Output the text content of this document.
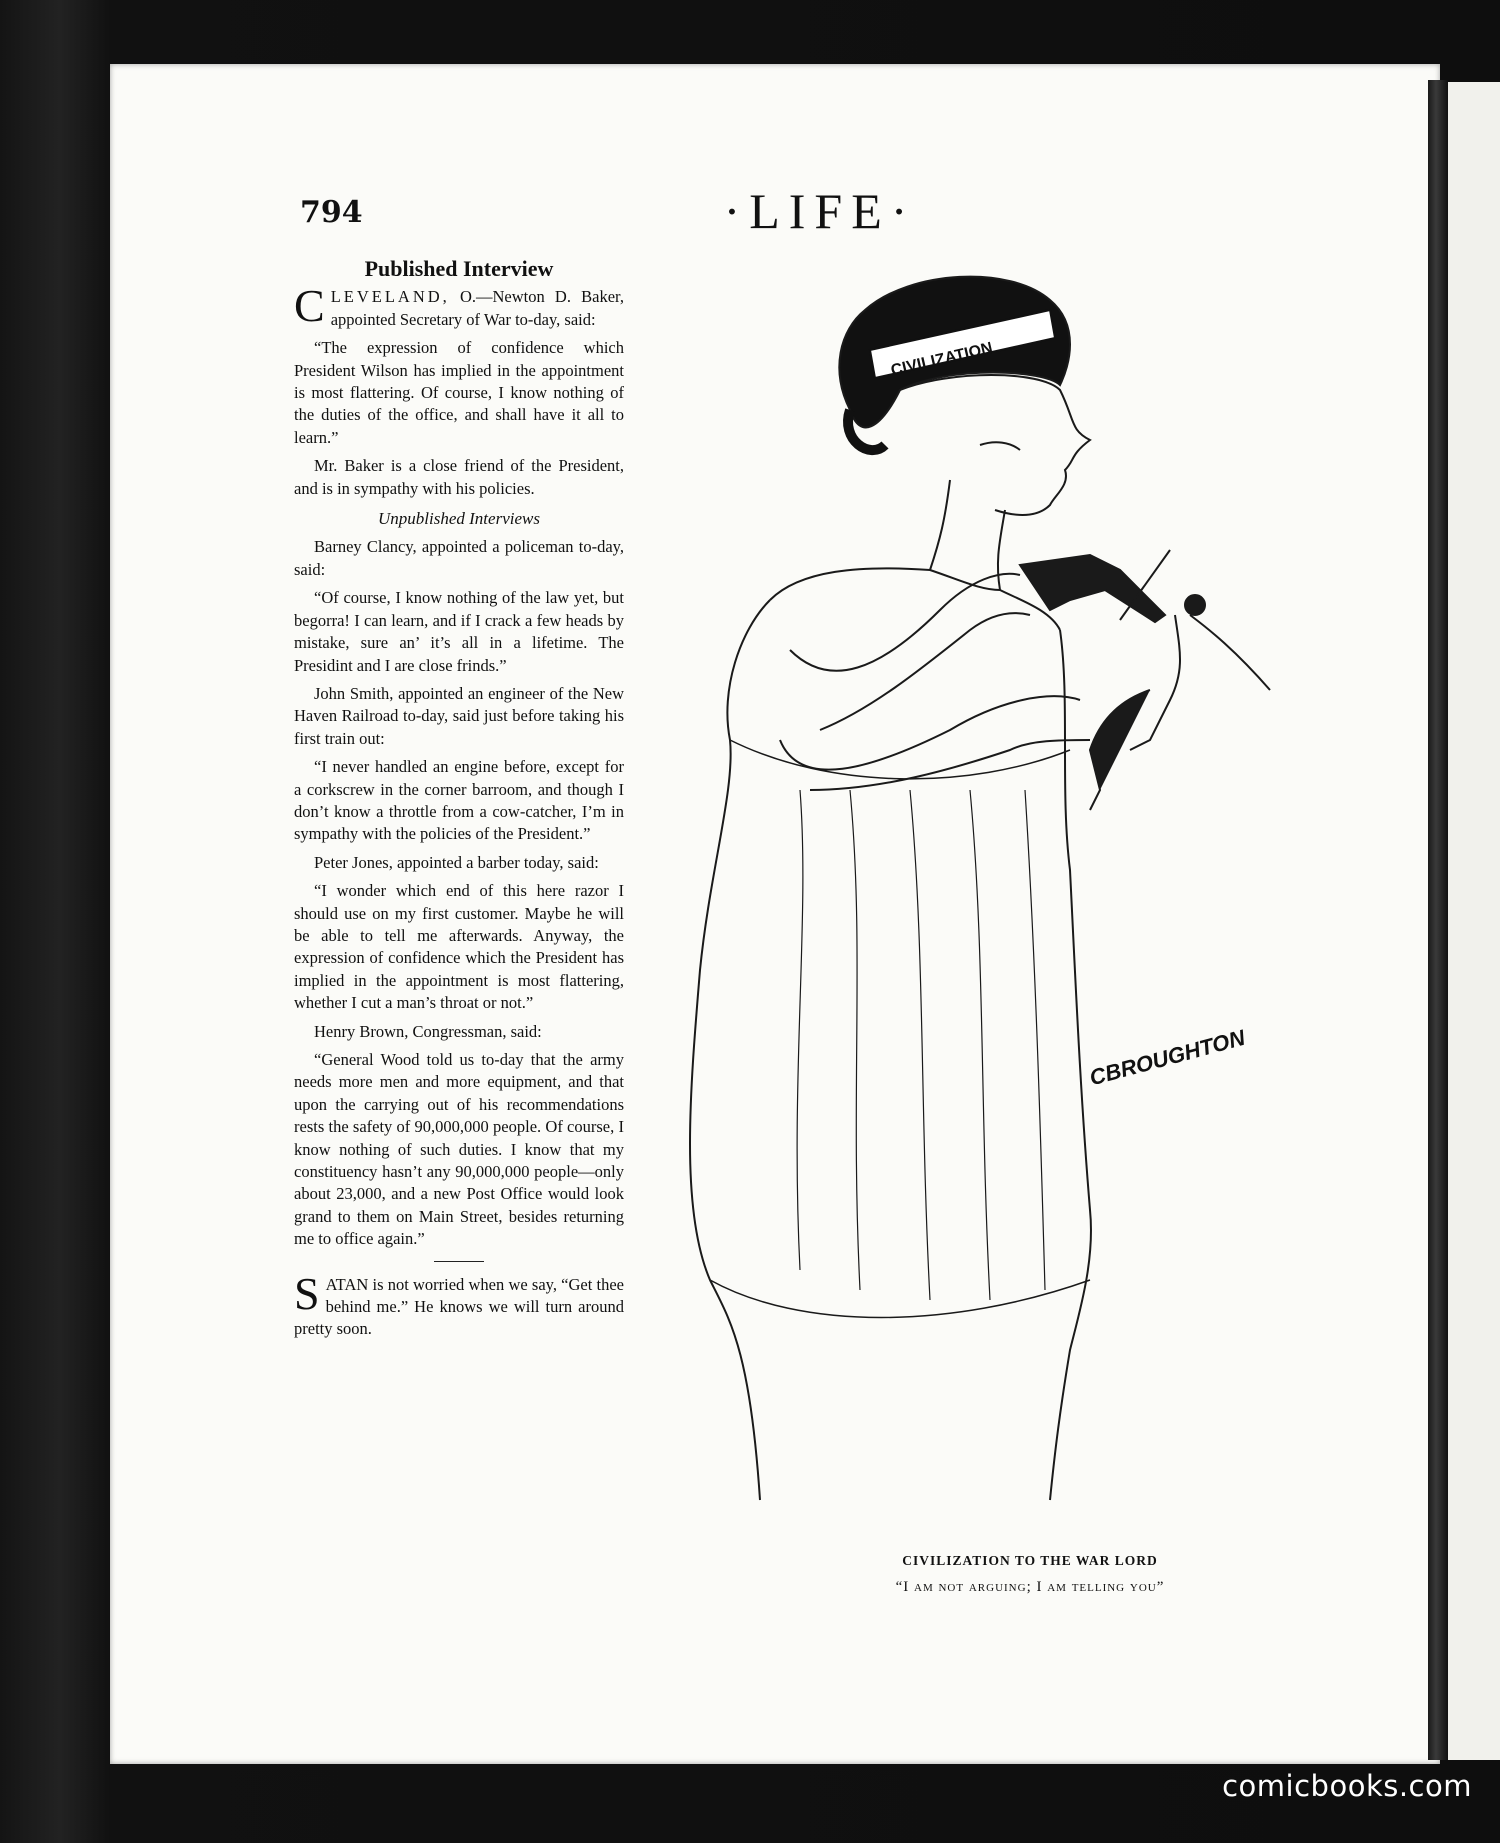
794	·LIFE·
Published Interview

CLEVELAND, O.—Newton D. Baker, appointed Secretary of War to-day, said:

“The expression of confidence which President Wilson has implied in the appointment is most flattering. Of course, I know nothing of the duties of the office, and shall have it all to learn.”

Mr. Baker is a close friend of the President, and is in sympathy with his policies.

Unpublished Interviews

Barney Clancy, appointed a policeman to-day, said:

“Of course, I know nothing of the law yet, but begorra! I can learn, and if I crack a few heads by mistake, sure an’ it’s all in a lifetime. The Presidint and I are close frinds.”

John Smith, appointed an engineer of the New Haven Railroad to-day, said just before taking his first train out:

“I never handled an engine before, except for a corkscrew in the corner barroom, and though I don’t know a throttle from a cow-catcher, I’m in sympathy with the policies of the President.”

Peter Jones, appointed a barber today, said:

“I wonder which end of this here razor I should use on my first customer. Maybe he will be able to tell me afterwards. Anyway, the expression of confidence which the President has implied in the appointment is most flattering, whether I cut a man’s throat or not.”

Henry Brown, Congressman, said:

“General Wood told us to-day that the army needs more men and more equipment, and that upon the carrying out of his recommendations rests the safety of 90,000,000 people. Of course, I know nothing of such duties. I know that my constituency hasn’t any 90,000,000 people—only about 23,000, and a new Post Office would look grand to them on Main Street, besides returning me to office again.”

SATAN is not worried when we say, “Get thee behind me.” He knows we will turn around pretty soon.

CIVILIZATION
CBROUGHTON
CIVILIZATION TO THE WAR LORD
“I am not arguing; I am telling you”
comicbooks.com
